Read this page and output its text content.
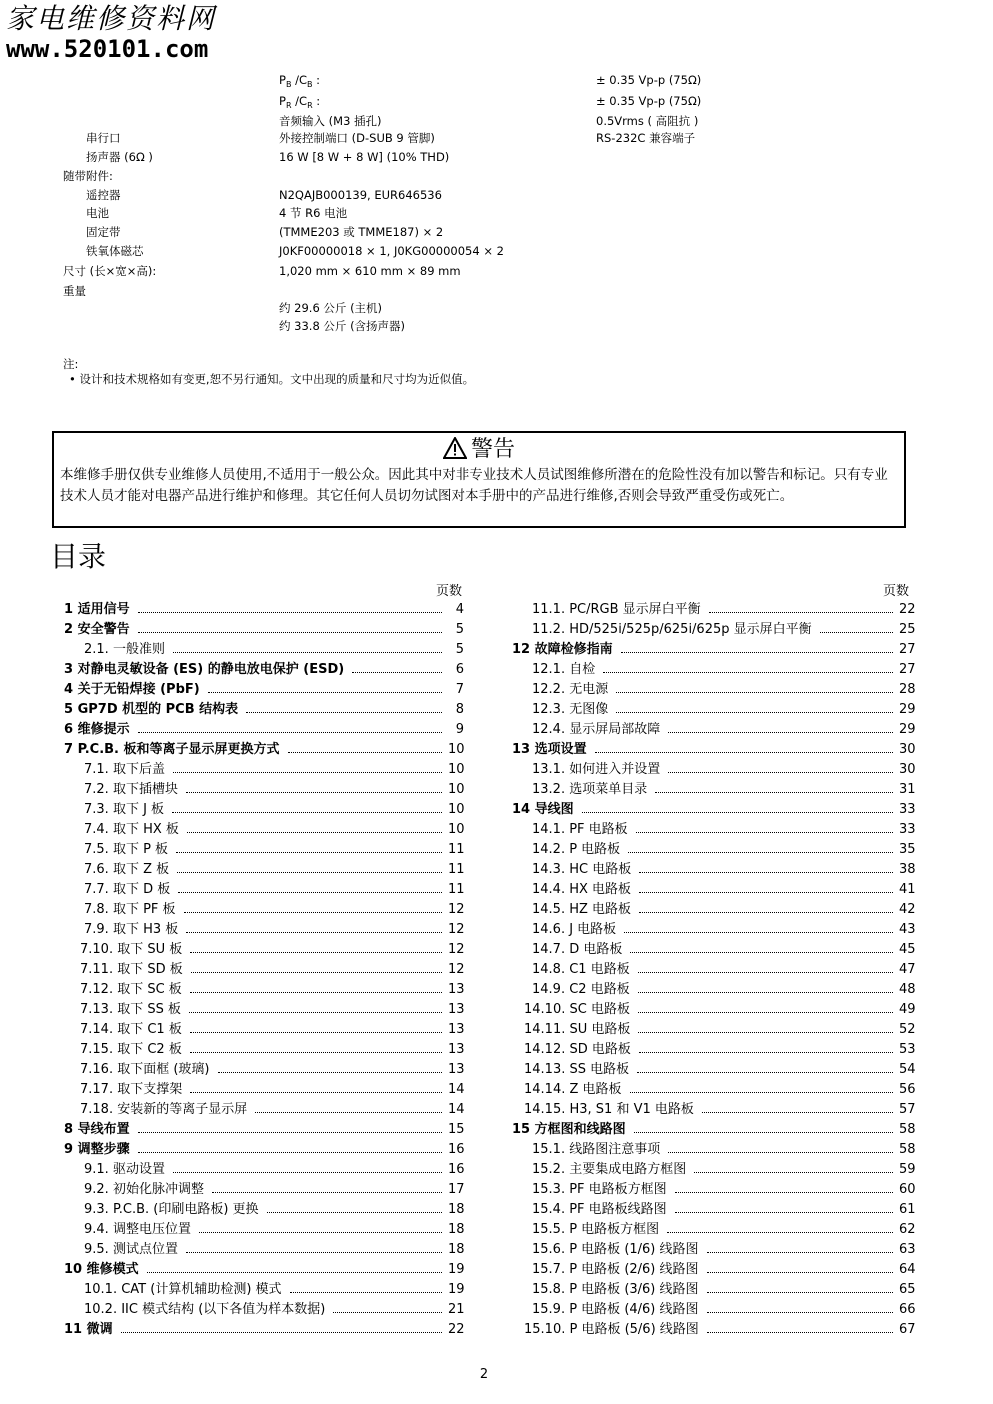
家电维修资料网
www.520101.com
$P_B$ $/C_B$ :	± 0.35 Vp-p (75Ω)
$P_R$ $/C_R$ :	± 0.35 Vp-p (75Ω)
音频输入 (M3 插孔)	0.5Vrms ( 高阻抗 )
串行口	外接控制端口 (D-SUB 9 管脚)	RS-232C 兼容端子
扬声器 (6Ω )	16 W [8 W + 8 W] (10% THD)
随带附件:
遥控器	N2QAJB000139, EUR646536
电池	4 节 R6 电池
固定带	(TMME203 或 TMME187) × 2
铁氧体磁芯	J0KF00000018 × 1, J0KG00000054 × 2
尺寸 (长×宽×高):	1,020 mm × 610 mm × 89 mm
重量
约 29.6 公斤 (主机)
约 33.8 公斤 (含扬声器)
注:
• 设计和技术规格如有变更,恕不另行通知。文中出现的质量和尺寸均为近似值。
警告
本维修手册仅供专业维修人员使用,不适用于一般公众。因此其中对非专业技术人员试图维修所潜在的危险性没有加以警告和标记。只有专业技术人员才能对电器产品进行维护和修理。其它任何人员切勿试图对本手册中的产品进行维修,否则会导致严重受伤或死亡。
目录
页数	页数
1 适用信号	4
2 安全警告	5
2.1. 一般准则	5
3 对静电灵敏设备 (ES) 的静电放电保护 (ESD)	6
4 关于无铅焊接 (PbF)	7
5 GP7D 机型的 PCB 结构表	8
6 维修提示	9
7 P.C.B. 板和等离子显示屏更换方式	10
7.1. 取下后盖	10
7.2. 取下插槽块	10
7.3. 取下 J 板	10
7.4. 取下 HX 板	10
7.5. 取下 P 板	11
7.6. 取下 Z 板	11
7.7. 取下 D 板	11
7.8. 取下 PF 板	12
7.9. 取下 H3 板	12
7.10. 取下 SU 板	12
7.11. 取下 SD 板	12
7.12. 取下 SC 板	13
7.13. 取下 SS 板	13
7.14. 取下 C1 板	13
7.15. 取下 C2 板	13
7.16. 取下面框 (玻璃)	13
7.17. 取下支撑架	14
7.18. 安装新的等离子显示屏	14
8 导线布置	15
9 调整步骤	16
9.1. 驱动设置	16
9.2. 初始化脉冲调整	17
9.3. P.C.B. (印刷电路板) 更换	18
9.4. 调整电压位置	18
9.5. 测试点位置	18
10 维修模式	19
10.1. CAT (计算机辅助检测) 模式	19
10.2. IIC 模式结构 (以下各值为样本数据)	21
11 微调	22
11.1. PC/RGB 显示屏白平衡	22
11.2. HD/525i/525p/625i/625p 显示屏白平衡	25
12 故障检修指南	27
12.1. 自检	27
12.2. 无电源	28
12.3. 无图像	29
12.4. 显示屏局部故障	29
13 选项设置	30
13.1. 如何进入并设置	30
13.2. 选项菜单目录	31
14 导线图	33
14.1. PF 电路板	33
14.2. P 电路板	35
14.3. HC 电路板	38
14.4. HX 电路板	41
14.5. HZ 电路板	42
14.6. J 电路板	43
14.7. D 电路板	45
14.8. C1 电路板	47
14.9. C2 电路板	48
14.10. SC 电路板	49
14.11. SU 电路板	52
14.12. SD 电路板	53
14.13. SS 电路板	54
14.14. Z 电路板	56
14.15. H3, S1 和 V1 电路板	57
15 方框图和线路图	58
15.1. 线路图注意事项	58
15.2. 主要集成电路方框图	59
15.3. PF 电路板方框图	60
15.4. PF 电路板线路图	61
15.5. P 电路板方框图	62
15.6. P 电路板 (1/6) 线路图	63
15.7. P 电路板 (2/6) 线路图	64
15.8. P 电路板 (3/6) 线路图	65
15.9. P 电路板 (4/6) 线路图	66
15.10. P 电路板 (5/6) 线路图	67
2
